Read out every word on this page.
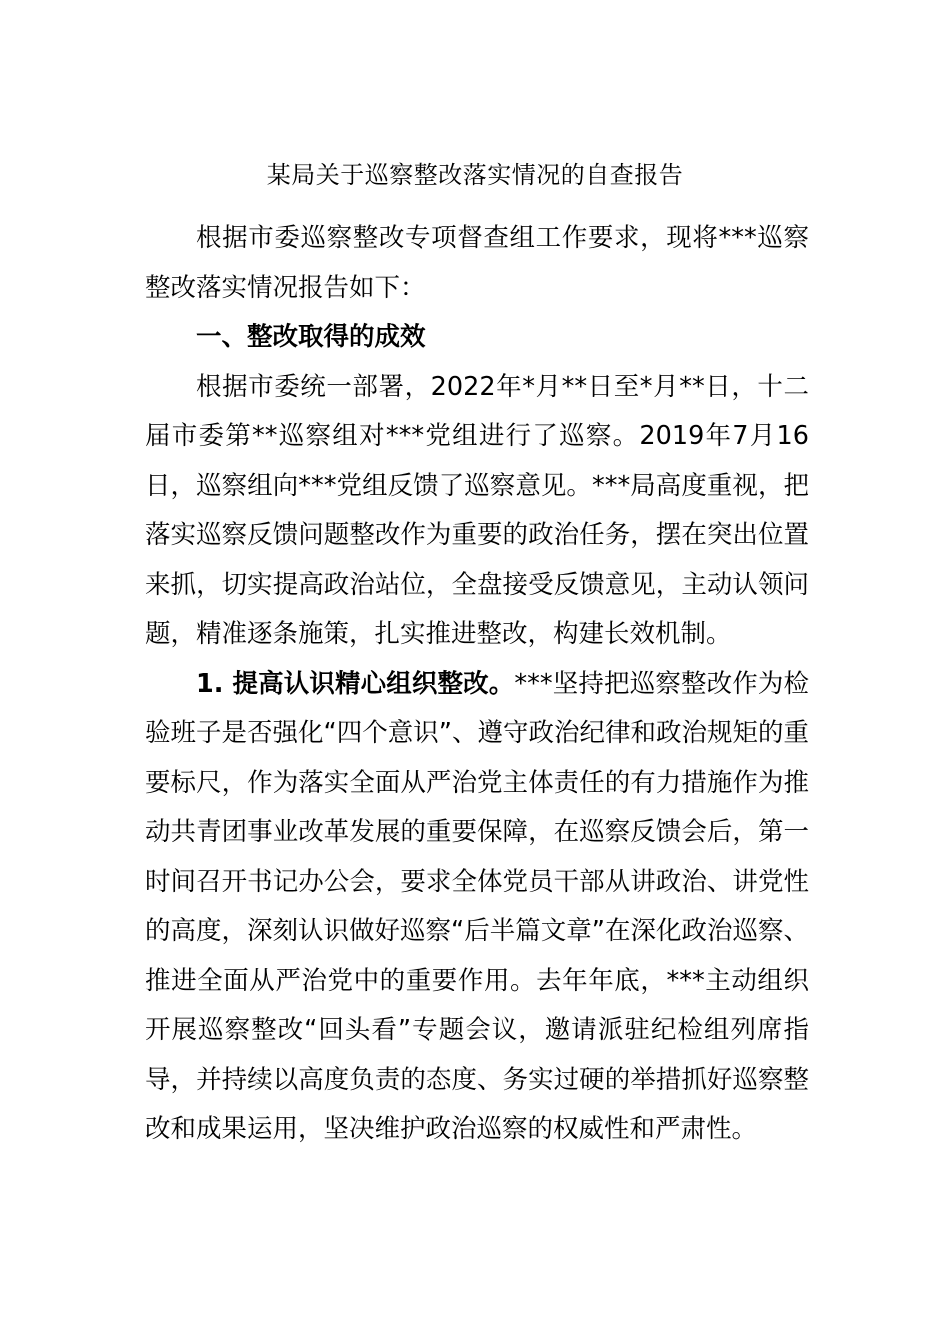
某局关于巡察整改落实情况的自查报告

根据市委巡察整改专项督查组工作要求，现将***巡察整改落实情况报告如下：

一、整改取得的成效

根据市委统一部署，2022年*月**日至*月**日，十二届市委第**巡察组对***党组进行了巡察。2019年7月16日，巡察组向***党组反馈了巡察意见。***局高度重视，把落实巡察反馈问题整改作为重要的政治任务，摆在突出位置来抓，切实提高政治站位，全盘接受反馈意见，主动认领问题，精准逐条施策，扎实推进整改，构建长效机制。

1. 提高认识精心组织整改。***坚持把巡察整改作为检验班子是否强化“四个意识”、遵守政治纪律和政治规矩的重要标尺，作为落实全面从严治党主体责任的有力措施作为推动共青团事业改革发展的重要保障，在巡察反馈会后，第一时间召开书记办公会，要求全体党员干部从讲政治、讲党性的高度，深刻认识做好巡察“后半篇文章”在深化政治巡察、推进全面从严治党中的重要作用。去年年底，***主动组织开展巡察整改“回头看”专题会议，邀请派驻纪检组列席指导，并持续以高度负责的态度、务实过硬的举措抓好巡察整改和成果运用，坚决维护政治巡察的权威性和严肃性。
